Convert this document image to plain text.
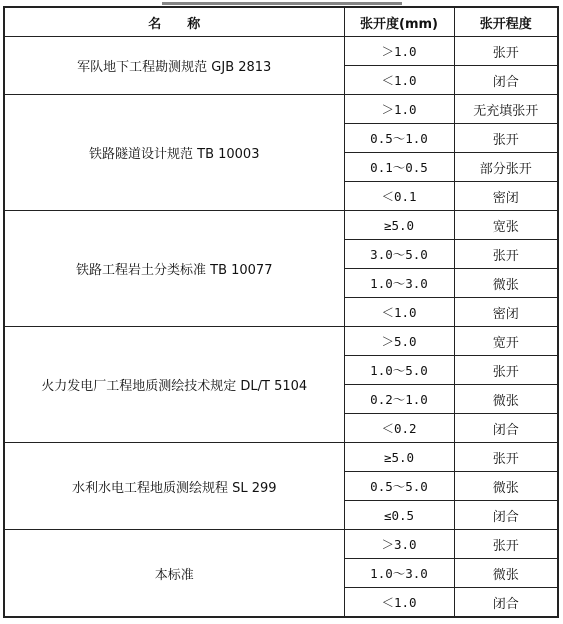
名　　称	张开度(mm)	张开程度
军队地下工程勘测规范 GJB 2813	＞1.0	张开
	＜1.0	闭合
铁路隧道设计规范 TB 10003	＞1.0	无充填张开
	0.5～1.0	张开
	0.1～0.5	部分张开
	＜0.1	密闭
铁路工程岩土分类标准 TB 10077	≥5.0	宽张
	3.0～5.0	张开
	1.0～3.0	微张
	＜1.0	密闭
火力发电厂工程地质测绘技术规定 DL/T 5104	＞5.0	宽开
	1.0～5.0	张开
	0.2～1.0	微张
	＜0.2	闭合
水利水电工程地质测绘规程 SL 299	≥5.0	张开
	0.5～5.0	微张
	≤0.5	闭合
本标准	＞3.0	张开
	1.0～3.0	微张
	＜1.0	闭合
